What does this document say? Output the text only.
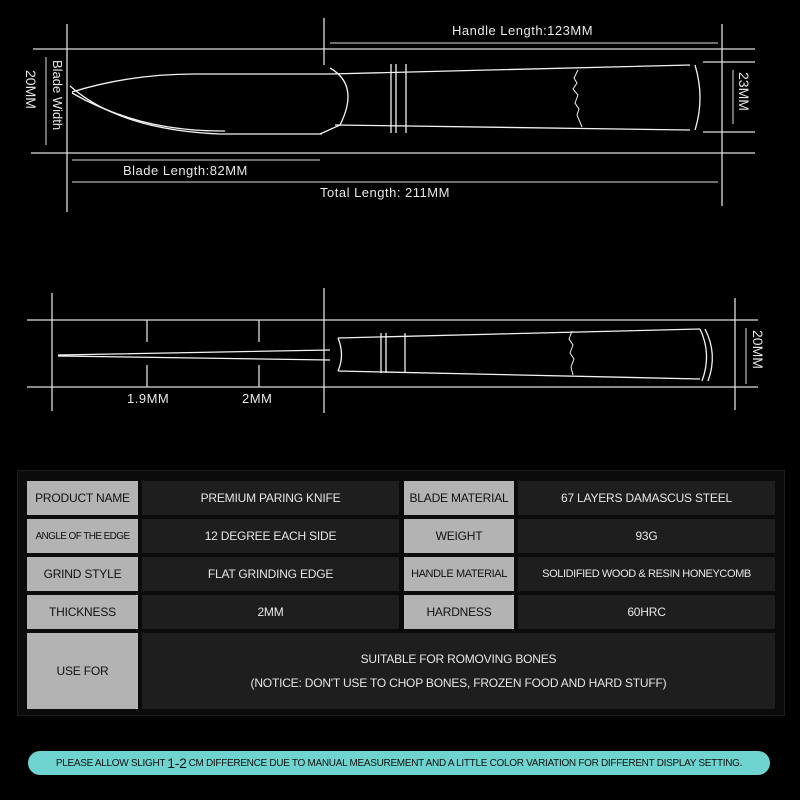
Handle Length:123MM
Blade Length:82MM
Total Length: 211MM
Blade Width
20MM	23MM
1.9MM	2MM
20MM
PRODUCT NAME	PREMIUM PARING KNIFE	BLADE MATERIAL	67 LAYERS DAMASCUS STEEL
ANGLE OF THE EDGE	12 DEGREE EACH SIDE	WEIGHT	93G
GRIND STYLE	FLAT GRINDING EDGE	HANDLE MATERIAL	SOLIDIFIED WOOD & RESIN HONEYCOMB
THICKNESS	2MM	HARDNESS	60HRC
USE FOR
SUITABLE FOR ROMOVING BONES
(NOTICE: DON'T USE TO CHOP BONES, FROZEN FOOD AND HARD STUFF)
PLEASE ALLOW SLIGHT 1-2 CM DIFFERENCE DUE TO MANUAL MEASUREMENT AND A LITTLE COLOR VARIATION FOR DIFFERENT DISPLAY SETTING.
